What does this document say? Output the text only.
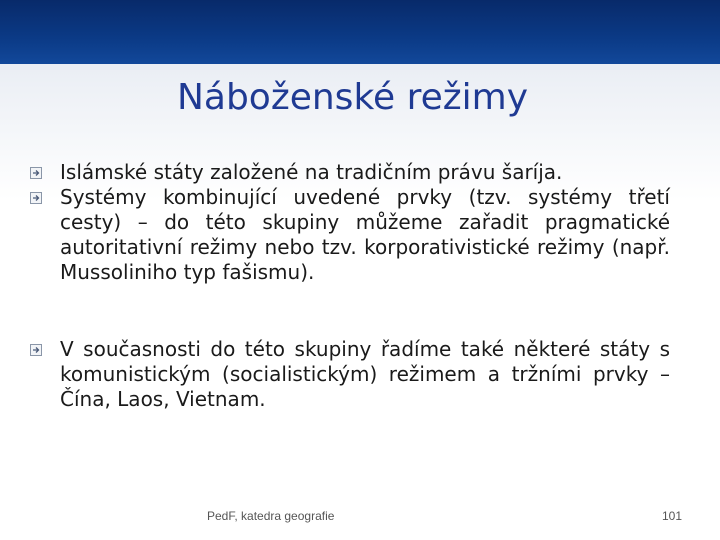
Náboženské režimy
Islámské státy založené na tradičním právu šaríja.
Systémy kombinující uvedené prvky (tzv. systémy třetí cesty) – do této skupiny můžeme zařadit pragmatické autoritativní režimy nebo tzv. korporativistické režimy (např. Mussoliniho typ fašismu).
V současnosti do této skupiny řadíme také některé státy s komunistickým (socialistickým) režimem a tržními prvky – Čína, Laos, Vietnam.
PedF, katedra geografie	101
